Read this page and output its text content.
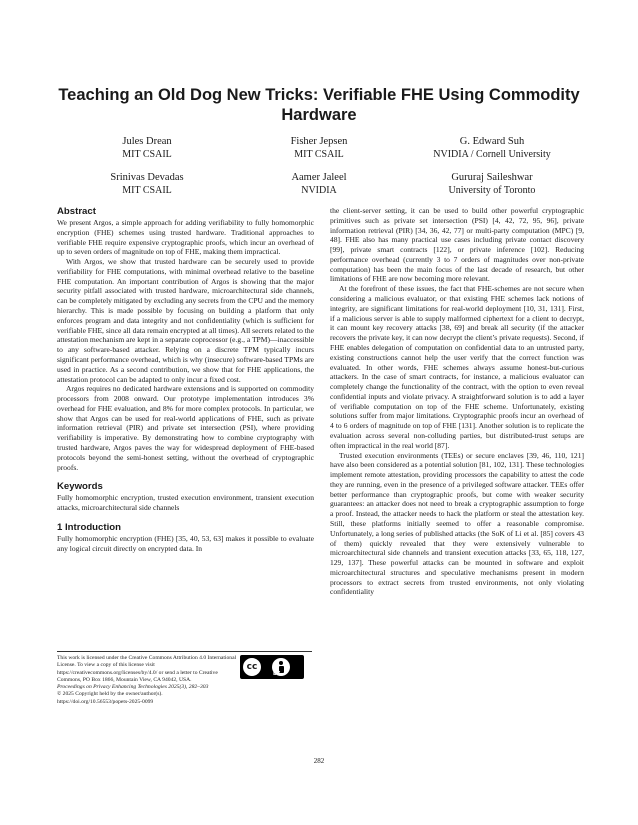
Teaching an Old Dog New Tricks: Verifiable FHE Using Commodity Hardware
Jules Drean
MIT CSAIL
Fisher Jepsen
MIT CSAIL
G. Edward Suh
NVIDIA / Cornell University
Srinivas Devadas
MIT CSAIL
Aamer Jaleel
NVIDIA
Gururaj Saileshwar
University of Toronto
Abstract

We present Argos, a simple approach for adding verifiability to fully homomorphic encryption (FHE) schemes using trusted hardware. Traditional approaches to verifiable FHE require expensive cryptographic proofs, which incur an overhead of up to seven orders of magnitude on top of FHE, making them impractical.

With Argos, we show that trusted hardware can be securely used to provide verifiability for FHE computations, with minimal overhead relative to the baseline FHE computation. An important contribution of Argos is showing that the major security pitfall associated with trusted hardware, microarchitectural side channels, can be completely mitigated by excluding any secrets from the CPU and the memory hierarchy. This is made possible by focusing on building a platform that only enforces program and data integrity and not confidentiality (which is sufficient for verifiable FHE, since all data remain encrypted at all times). All secrets related to the attestation mechanism are kept in a separate coprocessor (e.g., a TPM)—inaccessible to any software-based attacker. Relying on a discrete TPM typically incurs significant performance overhead, which is why (insecure) software-based TPMs are used in practice. As a second contribution, we show that for FHE applications, the attestation protocol can be adapted to only incur a fixed cost.

Argos requires no dedicated hardware extensions and is supported on commodity processors from 2008 onward. Our prototype implementation introduces 3% overhead for FHE evaluation, and 8% for more complex protocols. In particular, we show that Argos can be used for real-world applications of FHE, such as private information retrieval (PIR) and private set intersection (PSI), where providing verifiability is imperative. By demonstrating how to combine cryptography with trusted hardware, Argos paves the way for widespread deployment of FHE-based protocols beyond the semi-honest setting, without the overhead of cryptographic proofs.

Keywords

Fully homomorphic encryption, trusted execution environment, transient execution attacks, microarchitectural side channels

1 Introduction

Fully homomorphic encryption (FHE) [35, 40, 53, 63] makes it possible to evaluate any logical circuit directly on encrypted data. In

This work is licensed under the Creative Commons Attribution 4.0 International License. To view a copy of this license visit https://creativecommons.org/licenses/by/4.0/ or send a letter to Creative Commons, PO Box 1866, Mountain View, CA 94042, USA.
Proceedings on Privacy Enhancing Technologies 2025(3), 282–303
© 2025 Copyright held by the owner/author(s).
https://doi.org/10.56553/popets-2025-0099
cc
BY

the client-server setting, it can be used to build other powerful cryptographic primitives such as private set intersection (PSI) [4, 42, 72, 95, 96], private information retrieval (PIR) [34, 36, 42, 77] or multi-party computation (MPC) [9, 48]. FHE also has many practical use cases including private contact discovery [99], private smart contracts [122], or private inference [102]. Reducing performance overhead (currently 3 to 7 orders of magnitudes over non-private computation) has been the main focus of the last decade of research, but other limitations of FHE are now becoming more relevant.

At the forefront of these issues, the fact that FHE-schemes are not secure when considering a malicious evaluator, or that existing FHE schemes lack notions of integrity, are significant limitations for real-world deployment [10, 31, 131]. First, if a malicious server is able to supply malformed ciphertext for a client to decrypt, it can mount key recovery attacks [38, 69] and break all security (if the attacker recovers the private key, it can now decrypt the client’s private requests). Second, if FHE enables delegation of computation on confidential data to an untrusted party, existing constructions cannot help the user verify that the correct function was evaluated. In other words, FHE schemes always assume honest-but-curious attackers. In the case of smart contracts, for instance, a malicious evaluator can completely change the functionality of the contract, with the option to even reveal confidential inputs and violate privacy. A straightforward solution is to add a layer of verifiable computation on top of the FHE scheme. Unfortunately, existing solutions suffer from major limitations. Cryptographic proofs incur an overhead of 4 to 6 orders of magnitude on top of FHE [131]. Another solution is to replicate the evaluation across several non-colluding parties, but distributed-trust setups are often impractical in the real world [87].

Trusted execution environments (TEEs) or secure enclaves [39, 46, 110, 121] have also been considered as a potential solution [81, 102, 131]. These technologies implement remote attestation, providing processors the capability to attest the code they are running, even in the presence of a privileged software attacker. TEEs offer better performance than cryptographic proofs, but come with weaker security guarantees: an attacker does not need to break a cryptographic assumption to forge a proof. Instead, the attacker needs to hack the platform or steal the attestation key. Still, these platforms initially seemed to offer a reasonable compromise. Unfortunately, a long series of published attacks (the SoK of Li et al. [85] covers 43 of them) quickly revealed that they were extensively vulnerable to microarchitectural side channels and transient execution attacks [33, 65, 118, 127, 129, 137]. These powerful attacks can be mounted in software and exploit microarchitectural structures and speculative mechanisms present in modern processors to extract secrets from trusted environments, not only violating confidentiality

282
